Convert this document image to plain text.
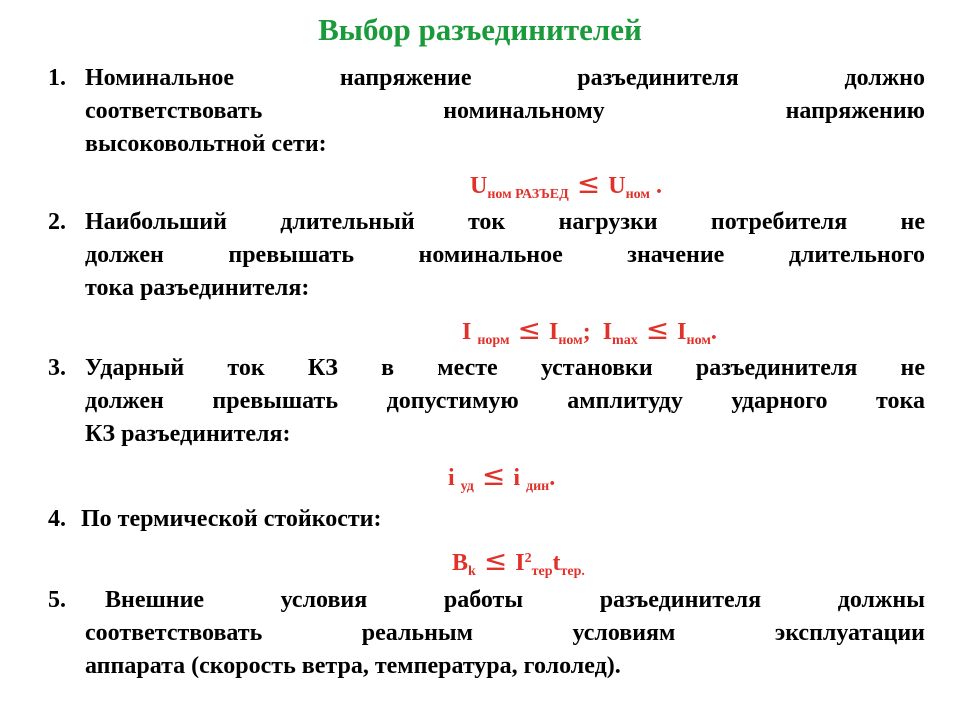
Выбор разъединителей
1. Номинальное напряжение разъединителя должно
соответствовать номинальному напряжению
высоковольтной сети:
$U_{ном РАЗЪЕД} \le U_{ном}$ .
2. Наибольший длительный ток нагрузки потребителя не
должен превышать номинальное значение длительного
тока разъединителя:
I $_{норм} \le I_{ном}$; $I_{max} \le I_{ном}$.
3. Ударный ток КЗ в месте установки разъединителя не
должен превышать допустимую амплитуду ударного тока
КЗ разъединителя:
i $_{уд}$ ≤ i $_{дин}$.
4. По термической стойкости:
$B_k \le I^2_{тер}t_{тер.}$
5.	Внешние условия работы разъединителя должны
соответствовать реальным условиям эксплуатации
аппарата (скорость ветра, температура, гололед).
